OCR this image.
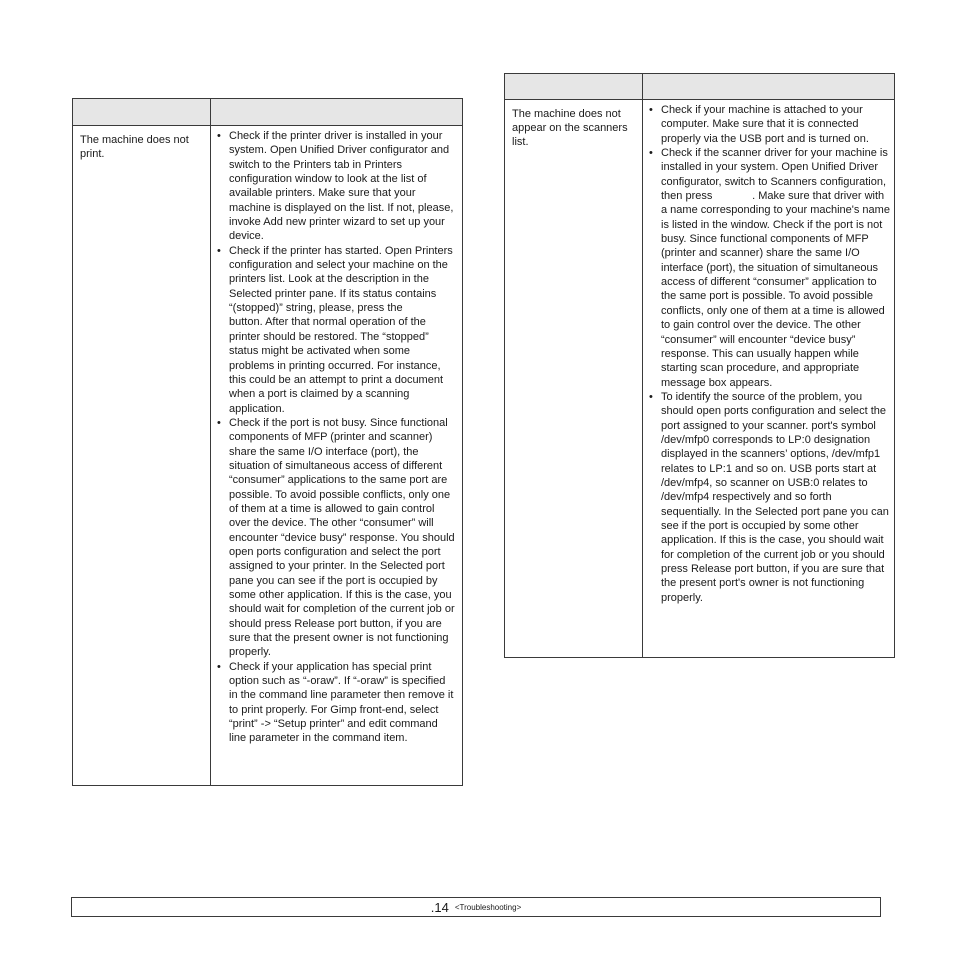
The machine does not print.
• Check if the printer driver is installed in your system. Open Unified Driver configurator and switch to the Printers tab in Printers configuration window to look at the list of available printers. Make sure that your machine is displayed on the list. If not, please, invoke Add new printer wizard to set up your device.
• Check if the printer has started. Open Printers configuration and select your machine on the printers list. Look at the description in the Selected printer pane. If its status contains “(stopped)” string, please, press the            button. After that normal operation of the printer should be restored. The “stopped” status might be activated when some problems in printing occurred. For instance, this could be an attempt to print a document when a port is claimed by a scanning application.
• Check if the port is not busy. Since functional components of MFP (printer and scanner) share the same I/O interface (port), the situation of simultaneous access of different “consumer” applications to the same port are possible. To avoid possible conflicts, only one of them at a time is allowed to gain control over the device. The other “consumer” will encounter “device busy” response. You should open ports configuration and select the port assigned to your printer. In the Selected port pane you can see if the port is occupied by some other application. If this is the case, you should wait for completion of the current job or should press Release port button, if you are sure that the present owner is not functioning properly.
• Check if your application has special print option such as “-oraw”. If “-oraw” is specified in the command line parameter then remove it to print properly. For Gimp front-end, select “print” -> “Setup printer” and edit command line parameter in the command item.
The machine does not appear on the scanners list.
• Check if your machine is attached to your computer. Make sure that it is connected properly via the USB port and is turned on.
• Check if the scanner driver for your machine is installed in your system. Open Unified Driver configurator, switch to Scanners configuration, then press             . Make sure that driver with a name corresponding to your machine's name is listed in the window. Check if the port is not busy. Since functional components of MFP (printer and scanner) share the same I/O interface (port), the situation of simultaneous access of different “consumer” application to the same port is possible. To avoid possible conflicts, only one of them at a time is allowed to gain control over the device. The other “consumer” will encounter “device busy” response. This can usually happen while starting scan procedure, and appropriate message box appears.
• To identify the source of the problem, you should open ports configuration and select the port assigned to your scanner. port's symbol /dev/mfp0 corresponds to LP:0 designation displayed in the scanners’ options, /dev/mfp1 relates to LP:1 and so on. USB ports start at /dev/mfp4, so scanner on USB:0 relates to /dev/mfp4 respectively and so forth sequentially. In the Selected port pane you can see if the port is occupied by some other application. If this is the case, you should wait for completion of the current job or you should press Release port button, if you are sure that the present port's owner is not functioning properly.
.14 <Troubleshooting>
